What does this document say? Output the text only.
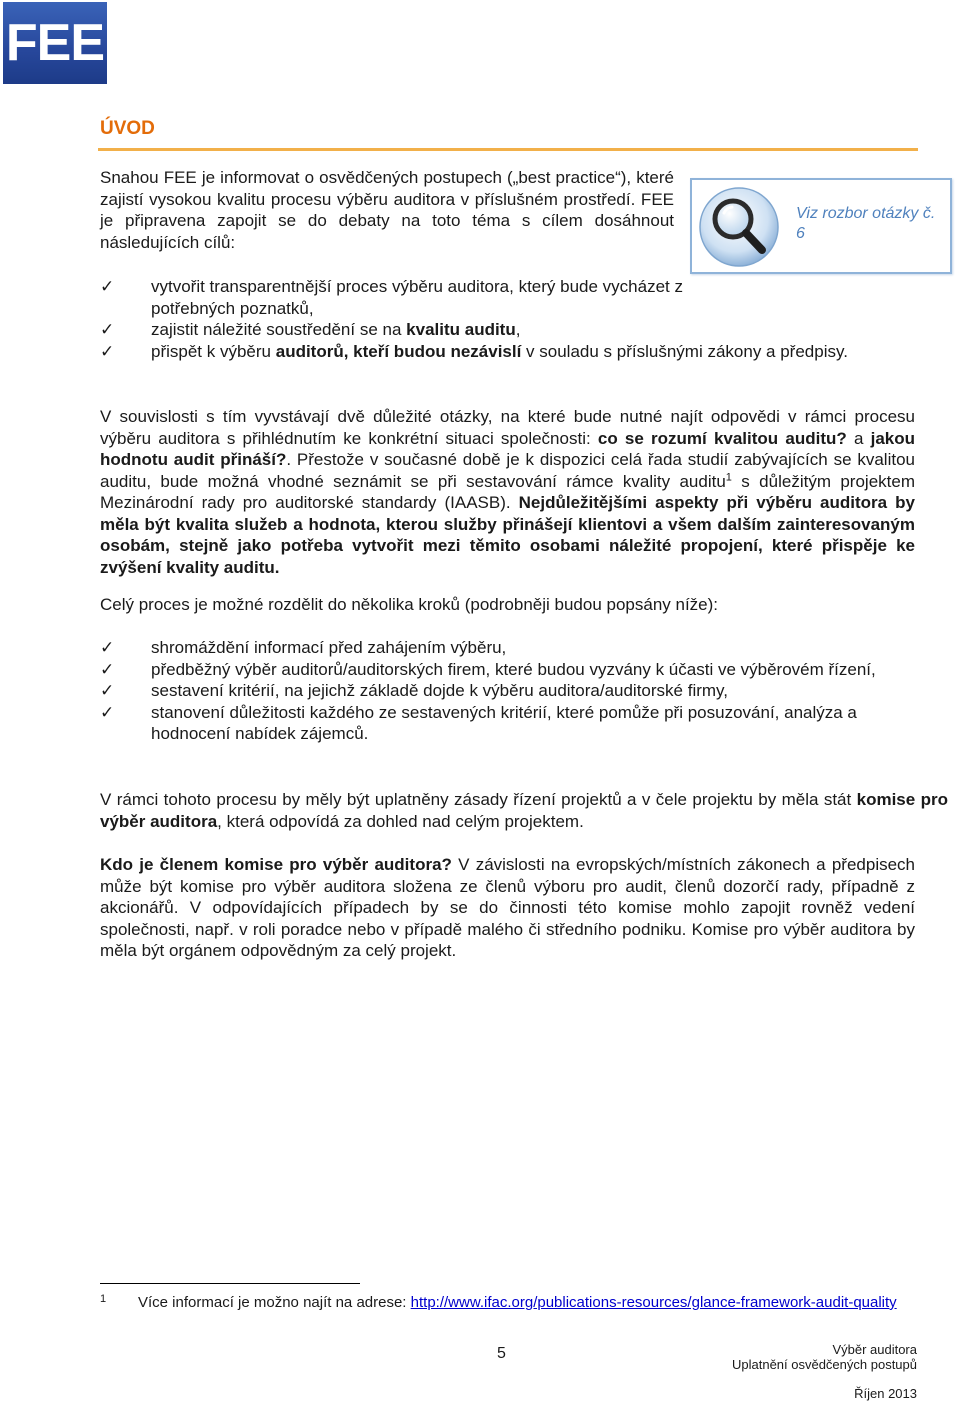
FEE
ÚVOD
Snahou FEE je informovat o osvědčených postupech („best practice“), které zajistí vysokou kvalitu procesu výběru auditora v příslušném prostředí. FEE je připravena zapojit se do debaty na toto téma s cílem dosáhnout následujících cílů:
Viz rozbor otázky č. 6
✓	vytvořit transparentnější proces výběru auditora, který bude vycházet z potřebných poznatků,
✓	zajistit náležité soustředění se na kvalitu auditu,
✓	přispět k výběru auditorů, kteří budou nezávislí v souladu s příslušnými zákony a předpisy.
V souvislosti s tím vyvstávají dvě důležité otázky, na které bude nutné najít odpovědi v rámci procesu výběru auditora s přihlédnutím ke konkrétní situaci společnosti: co se rozumí kvalitou auditu? a jakou hodnotu audit přináší?. Přestože v současné době je k dispozici celá řada studií zabývajících se kvalitou auditu, bude možná vhodné seznámit se při sestavování rámce kvality auditu$^1$ s důležitým projektem Mezinárodní rady pro auditorské standardy (IAASB). Nejdůležitějšími aspekty při výběru auditora by měla být kvalita služeb a hodnota, kterou služby přinášejí klientovi a všem dalším zainteresovaným osobám, stejně jako potřeba vytvořit mezi těmito osobami náležité propojení, které přispěje ke zvýšení kvality auditu.
Celý proces je možné rozdělit do několika kroků (podrobněji budou popsány níže):
✓	shromáždění informací před zahájením výběru,
✓	předběžný výběr auditorů/auditorských firem, které budou vyzvány k účasti ve výběrovém řízení,
✓	sestavení kritérií, na jejichž základě dojde k výběru auditora/auditorské firmy,
✓	stanovení důležitosti každého ze sestavených kritérií, které pomůže při posuzování, analýza a hodnocení nabídek zájemců.
V rámci tohoto procesu by měly být uplatněny zásady řízení projektů a v čele projektu by měla stát komise pro výběr auditora, která odpovídá za dohled nad celým projektem.
Kdo je členem komise pro výběr auditora? V závislosti na evropských/místních zákonech a předpisech může být komise pro výběr auditora složena ze členů výboru pro audit, členů dozorčí rady, případně z akcionářů. V odpovídajících případech by se do činnosti této komise mohlo zapojit rovněž vedení společnosti, např. v roli poradce nebo v případě malého či středního podniku. Komise pro výběr auditora by měla být orgánem odpovědným za celý projekt.
1 Více informací je možno najít na adrese: http://www.ifac.org/publications-resources/glance-framework-audit-quality
5	Výběr auditora
Uplatnění osvědčených postupů
Říjen 2013
